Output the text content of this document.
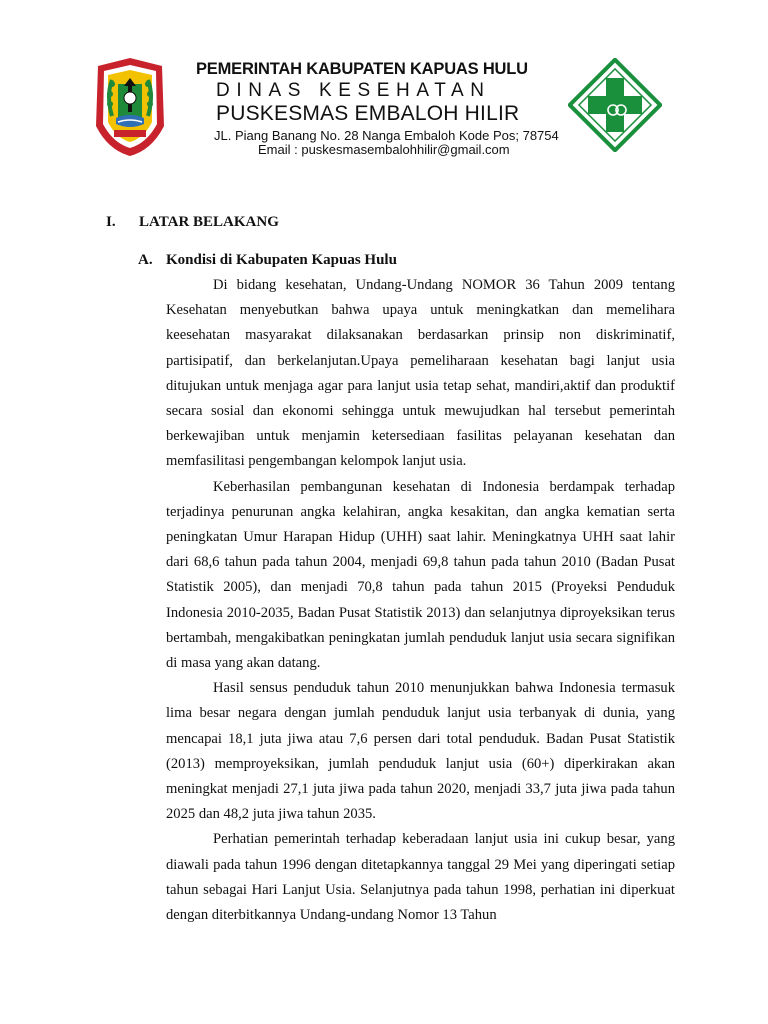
PEMERINTAH KABUPATEN KAPUAS HULU
DINAS KESEHATAN
PUSKESMAS EMBALOH HILIR
JL. Piang Banang No. 28 Nanga Embaloh Kode Pos; 78754
Email : puskesmasembalohhilir@gmail.com
I. LATAR BELAKANG
A. Kondisi di Kabupaten Kapuas Hulu

Di bidang kesehatan, Undang-Undang NOMOR 36 Tahun 2009 tentang Kesehatan menyebutkan bahwa upaya untuk meningkatkan dan memelihara keesehatan masyarakat dilaksanakan berdasarkan prinsip non diskriminatif, partisipatif, dan berkelanjutan.Upaya pemeliharaan kesehatan bagi lanjut usia ditujukan untuk menjaga agar para lanjut usia tetap sehat, mandiri,aktif dan produktif secara sosial dan ekonomi sehingga untuk mewujudkan hal tersebut pemerintah berkewajiban untuk menjamin ketersediaan fasilitas pelayanan kesehatan dan memfasilitasi pengembangan kelompok lanjut usia.

Keberhasilan pembangunan kesehatan di Indonesia berdampak terhadap terjadinya penurunan angka kelahiran, angka kesakitan, dan angka kematian serta peningkatan Umur Harapan Hidup (UHH) saat lahir. Meningkatnya UHH saat lahir dari 68,6 tahun pada tahun 2004, menjadi 69,8 tahun pada tahun 2010 (Badan Pusat Statistik 2005), dan menjadi 70,8 tahun pada tahun 2015 (Proyeksi Penduduk Indonesia 2010-2035, Badan Pusat Statistik 2013) dan selanjutnya diproyeksikan terus bertambah, mengakibatkan peningkatan jumlah penduduk lanjut usia secara signifikan di masa yang akan datang.

Hasil sensus penduduk tahun 2010 menunjukkan bahwa Indonesia termasuk lima besar negara dengan jumlah penduduk lanjut usia terbanyak di dunia, yang mencapai 18,1 juta jiwa atau 7,6 persen dari total penduduk. Badan Pusat Statistik (2013) memproyeksikan, jumlah penduduk lanjut usia (60+) diperkirakan akan meningkat menjadi 27,1 juta jiwa pada tahun 2020, menjadi 33,7 juta jiwa pada tahun 2025 dan 48,2 juta jiwa tahun 2035.

Perhatian pemerintah terhadap keberadaan lanjut usia ini cukup besar, yang diawali pada tahun 1996 dengan ditetapkannya tanggal 29 Mei yang diperingati setiap tahun sebagai Hari Lanjut Usia. Selanjutnya pada tahun 1998, perhatian ini diperkuat dengan diterbitkannya Undang-undang Nomor 13 Tahun
